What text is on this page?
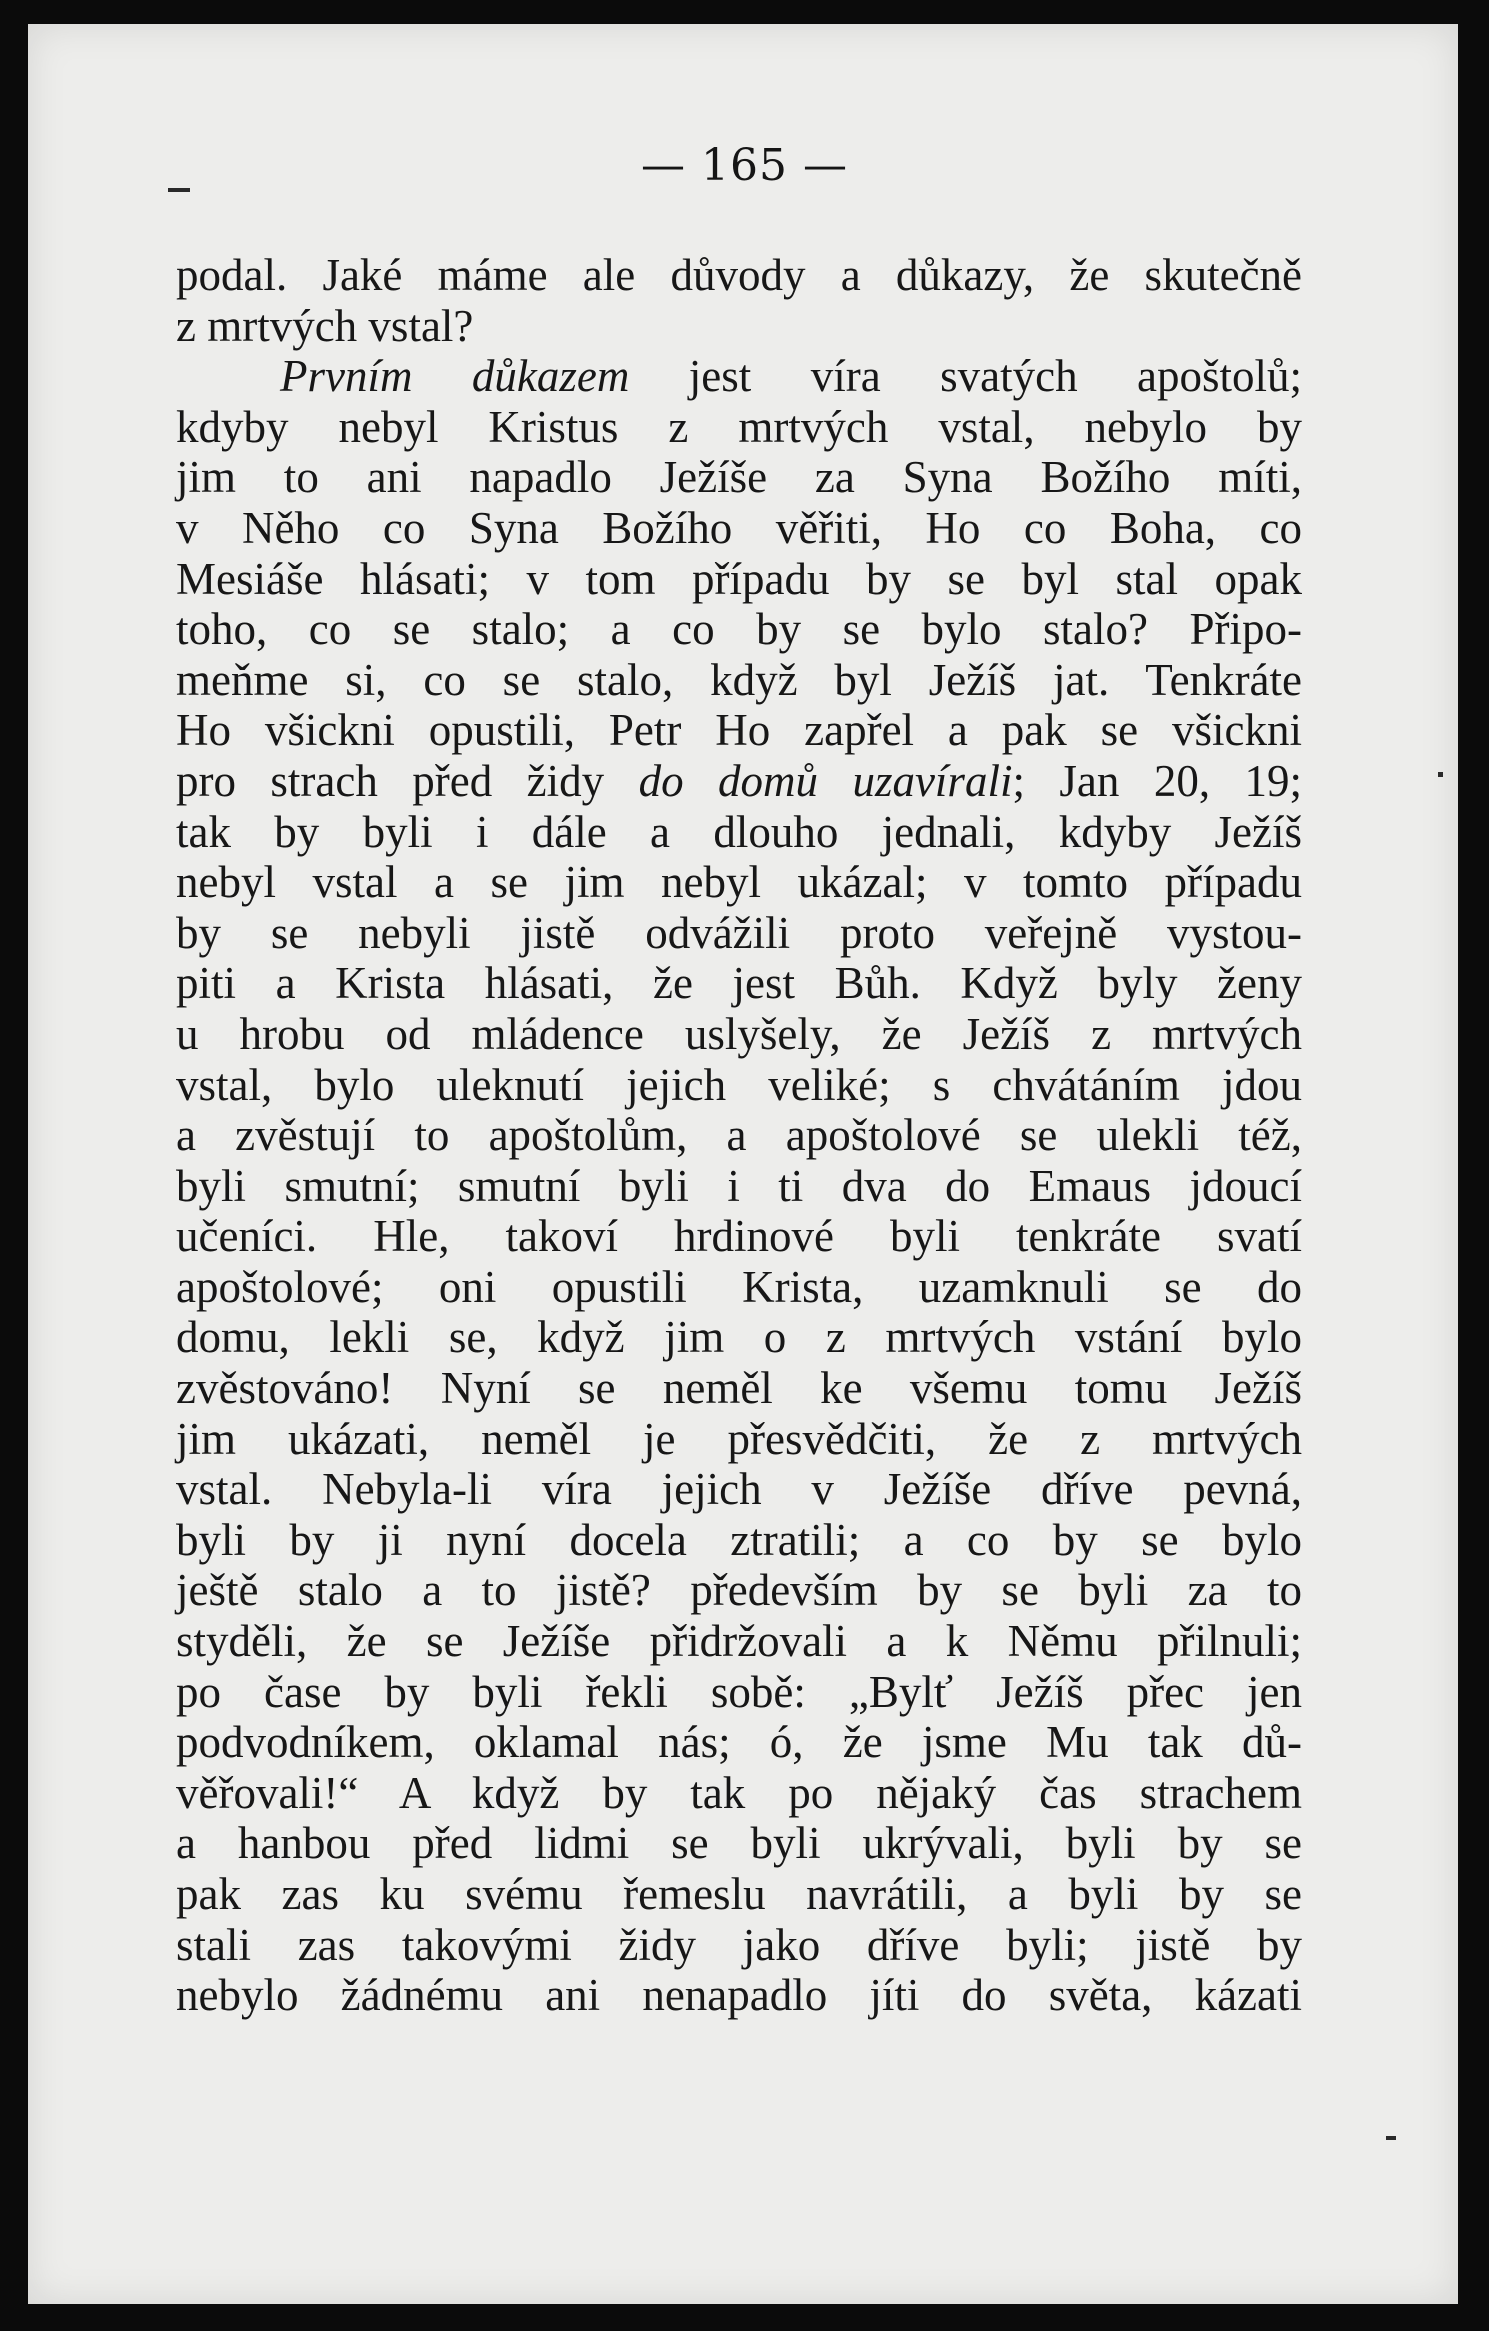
— 165 —
podal. Jaké máme ale důvody a důkazy, že skutečně
z mrtvých vstal?
Prvním důkazem jest víra svatých apoštolů;
kdyby nebyl Kristus z mrtvých vstal, nebylo by
jim to ani napadlo Ježíše za Syna Božího míti,
v Něho co Syna Božího věřiti, Ho co Boha, co
Mesiáše hlásati; v tom případu by se byl stal opak
toho, co se stalo; a co by se bylo stalo? Připo-
meňme si, co se stalo, když byl Ježíš jat. Tenkráte
Ho všickni opustili, Petr Ho zapřel a pak se všickni
pro strach před židy do domů uzavírali; Jan 20, 19;
tak by byli i dále a dlouho jednali, kdyby Ježíš
nebyl vstal a se jim nebyl ukázal; v tomto případu
by se nebyli jistě odvážili proto veřejně vystou-
piti a Krista hlásati, že jest Bůh. Když byly ženy
u hrobu od mládence uslyšely, že Ježíš z mrtvých
vstal, bylo uleknutí jejich veliké; s chvátáním jdou
a zvěstují to apoštolům, a apoštolové se ulekli též,
byli smutní; smutní byli i ti dva do Emaus jdoucí
učeníci. Hle, takoví hrdinové byli tenkráte svatí
apoštolové; oni opustili Krista, uzamknuli se do
domu, lekli se, když jim o z mrtvých vstání bylo
zvěstováno! Nyní se neměl ke všemu tomu Ježíš
jim ukázati, neměl je přesvědčiti, že z mrtvých
vstal. Nebyla-li víra jejich v Ježíše dříve pevná,
byli by ji nyní docela ztratili; a co by se bylo
ještě stalo a to jistě? především by se byli za to
styděli, že se Ježíše přidržovali a k Němu přilnuli;
po čase by byli řekli sobě: „Bylť Ježíš přec jen
podvodníkem, oklamal nás; ó, že jsme Mu tak dů-
věřovali!“ A když by tak po nějaký čas strachem
a hanbou před lidmi se byli ukrývali, byli by se
pak zas ku svému řemeslu navrátili, a byli by se
stali zas takovými židy jako dříve byli; jistě by
nebylo žádnému ani nenapadlo jíti do světa, kázati
